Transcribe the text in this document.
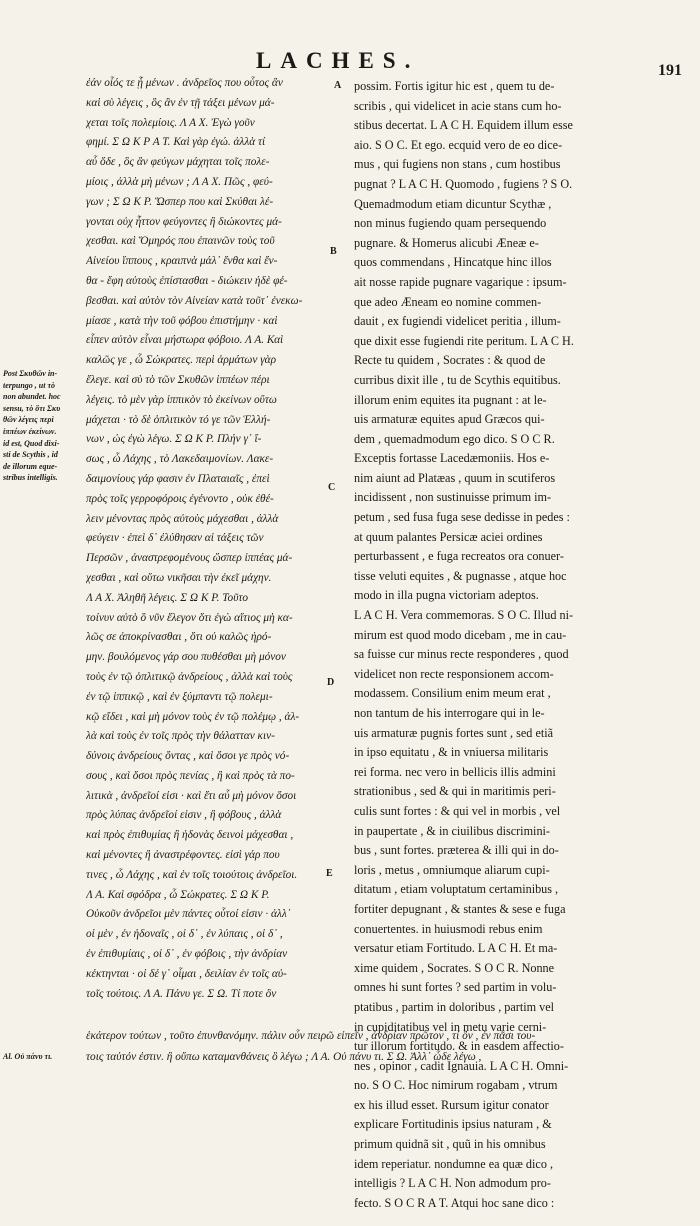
LACHES.	191
Post Σκυθῶν in-
terpungo , ut τὸ
non abundet. hoc
sensu, τὸ ὅτι Σκυ
θῶν λέγεις περὶ
ἱππέων ἐκείνων.
id est, Quod dixi-
sti de Scythis , id
de illorum eque-
stribus intelligis.
ἐάν οἷός τε ᾖ μένων . ἀνδρεῖος που οὗτος ἂν
καὶ σὺ λέγεις , ὃς ἂν ἐν τῇ τάξει μένων μά-
χεται τοῖς πολεμίοις. Λ Α Χ. Ἐγὼ γοῦν
φημί. Σ Ω Κ Ρ Α Τ. Καὶ γὰρ ἐγώ. ἀλλὰ τί
αὖ ὅδε , ὃς ἂν φεύγων μάχηται τοῖς πολε-
μίοις , ἀλλὰ μὴ μένων ; Λ Α Χ. Πῶς , φεύ-
γων ; Σ Ω Κ Ρ. Ὥσπερ που καὶ Σκύθαι λέ-
γονται οὐχ ἧττον φεύγοντες ἢ διώκοντες μά-
χεσθαι. καὶ Ὅμηρός που ἐπαινῶν τοὺς τοῦ
Αἰνείου ἵππους , κραιπνὰ μάλ᾽ ἔνθα καὶ ἔν-
θα - ἔφη αὐτοὺς ἐπίστασθαι - διώκειν ἠδὲ φέ-
βεσθαι. καὶ αὐτὸν τὸν Αἰνείαν κατὰ τοῦτ᾽ ἐνεκω-
μίασε , κατὰ τὴν τοῦ φόβου ἐπιστήμην · καὶ
εἶπεν αὐτὸν εἶναι μήστωρα φόβοιο. Λ Α. Καὶ
καλῶς γε , ὦ Σώκρατες. περὶ ἁρμάτων γὰρ
ἔλεγε. καὶ σὺ τὸ τῶν Σκυθῶν ἱππέων πέρι
λέγεις. τὸ μὲν γὰρ ἱππικὸν τὸ ἐκείνων οὕτω
μάχεται · τὸ δὲ ὁπλιτικὸν τό γε τῶν Ἑλλή-
νων , ὡς ἐγὼ λέγω. Σ Ω Κ Ρ. Πλήν γ᾽ ἴ-
σως , ὦ Λάχης , τὸ Λακεδαιμονίων. Λακε-
δαιμονίους γάρ φασιν ἐν Πλαταιαῖς , ἐπεὶ
πρὸς τοῖς γερροφόροις ἐγένοντο , οὐκ ἐθέ-
λειν μένοντας πρὸς αὐτοὺς μάχεσθαι , ἀλλὰ
φεύγειν · ἐπεὶ δ᾽ ἐλύθησαν αἱ τάξεις τῶν
Περσῶν , ἀναστρεφομένους ὥσπερ ἱππέας μά-
χεσθαι , καὶ οὕτω νικῆσαι τὴν ἐκεῖ μάχην.
Λ Α Χ. Ἀληθῆ λέγεις. Σ Ω Κ Ρ. Τοῦτο
τοίνυν αὐτὸ ὃ νῦν ἔλεγον ὅτι ἐγὼ αἴτιος μὴ κα-
λῶς σε ἀποκρίνασθαι , ὅτι οὐ καλῶς ἠρό-
μην. βουλόμενος γάρ σου πυθέσθαι μὴ μόνον
τοὺς ἐν τῷ ὁπλιτικῷ ἀνδρείους , ἀλλὰ καὶ τοὺς
ἐν τῷ ἱππικῷ , καὶ ἐν ξύμπαντι τῷ πολεμι-
κῷ εἴδει , καὶ μὴ μόνον τοὺς ἐν τῷ πολέμῳ , ἀλ-
λὰ καὶ τοὺς ἐν τοῖς πρὸς τὴν θάλατταν κιν-
δύνοις ἀνδρείους ὄντας , καὶ ὅσοι γε πρὸς νό-
σους , καὶ ὅσοι πρὸς πενίας , ἢ καὶ πρὸς τὰ πο-
λιτικὰ , ἀνδρεῖοί εἰσι · καὶ ἔτι αὖ μὴ μόνον ὅσοι
πρὸς λύπας ἀνδρεῖοί εἰσιν , ἢ φόβους , ἀλλὰ
καὶ πρὸς ἐπιθυμίας ἢ ἡδονὰς δεινοὶ μάχεσθαι ,
καὶ μένοντες ἢ ἀναστρέφοντες. εἰσὶ γάρ που
τινες , ὦ Λάχης , καὶ ἐν τοῖς τοιούτοις ἀνδρεῖοι.
Λ Α. Καὶ σφόδρα , ὦ Σώκρατες. Σ Ω Κ Ρ.
Οὐκοῦν ἀνδρεῖοι μὲν πάντες οὗτοί εἰσιν · ἀλλ᾽
οἱ μὲν , ἐν ἡδοναῖς , οἱ δ᾽ , ἐν λύπαις , οἱ δ᾽ ,
ἐν ἐπιθυμίαις , οἱ δ᾽ , ἐν φόβοις , τὴν ἀνδρίαν
κέκτηνται · οἱ δέ γ᾽ οἶμαι , δειλίαν ἐν τοῖς αὐ-
τοῖς τούτοις. Λ Α. Πάνυ γε. Σ Ω. Τί ποτε ὂν
A
B
C
D
E
possim. Fortis igitur hic est , quem tu de-
scribis , qui videlicet in acie stans cum ho-
stibus decertat. L A C H. Equidem illum esse
aio. S O C. Et ego. ecquid vero de eo dice-
mus , qui fugiens non stans , cum hostibus
pugnat ? L A C H. Quomodo , fugiens ? S O.
Quemadmodum etiam dicuntur Scythæ ,
non minus fugiendo quam persequendo
pugnare. & Homerus alicubi Æneæ e-
quos commendans , Hincatque hinc illos
ait nosse rapide pugnare vagarique : ipsum-
que adeo Æneam eo nomine commen-
dauit , ex fugiendi videlicet peritia , illum-
que dixit esse fugiendi rite peritum. L A C H.
Recte tu quidem , Socrates : & quod de
curribus dixit ille , tu de Scythis equitibus.
illorum enim equites ita pugnant : at le-
uis armaturæ equites apud Græcos qui-
dem , quemadmodum ego dico. S O C R.
Exceptis fortasse Lacedæmoniis. Hos e-
nim aiunt ad Platæas , quum in scutiferos
incidissent , non sustinuisse primum im-
petum , sed fusa fuga sese dedisse in pedes :
at quum palantes Persicæ aciei ordines
perturbassent , e fuga recreatos ora conuer-
tisse veluti equites , & pugnasse , atque hoc
modo in illa pugna victoriam adeptos.
L A C H. Vera commemoras. S O C. Illud ni-
mirum est quod modo dicebam , me in cau-
sa fuisse cur minus recte responderes , quod
videlicet non recte responsionem accom-
modassem. Consilium enim meum erat ,
non tantum de his interrogare qui in le-
uis armaturæ pugnis fortes sunt , sed etiã
in ipso equitatu , & in vniuersa militaris
rei forma. nec vero in bellicis illis admini
strationibus , sed & qui in maritimis peri-
culis sunt fortes : & qui vel in morbis , vel
in paupertate , & in ciuilibus discrimini-
bus , sunt fortes. præterea & illi qui in do-
loris , metus , omniumque aliarum cupi-
ditatum , etiam voluptatum certaminibus ,
fortiter depugnant , & stantes & sese e fuga
conuertentes. in huiusmodi rebus enim
versatur etiam Fortitudo. L A C H. Et ma-
xime quidem , Socrates. S O C R. Nonne
omnes hi sunt fortes ? sed partim in volu-
ptatibus , partim in doloribus , partim vel
in cupiditatibus vel in metu varie cerni-
tur illorum fortitudo. & in easdem affectio-
nes , opinor , cadit Ignauia. L A C H. Omni-
no. S O C. Hoc nimirum rogabam , vtrum
ex his illud esset. Rursum igitur conator
explicare Fortitudinis ipsius naturam , &
primum quidnã sit , quũ in his omnibus
idem reperiatur. nondumne ea quæ dico ,
intelligis ? L A C H. Non admodum pro-
fecto. S O C R A T. Atqui hoc sane dico :
ἑκάτερον τούτων , τοῦτο ἐπυνθανόμην. πάλιν οὖν πειρῶ εἰπεῖν , ἀνδρίαν πρῶτον , τί ὂν , ἐν πᾶσι του-
τοις ταὐτόν ἐστιν. ἢ οὔπω καταμανθάνεις ὃ λέγω ; Λ Α. Οὐ πάνυ τι. Σ Ω. Ἀλλ᾽ ὧδε λέγω ,
Al. Οὐ πάνυ τι.
